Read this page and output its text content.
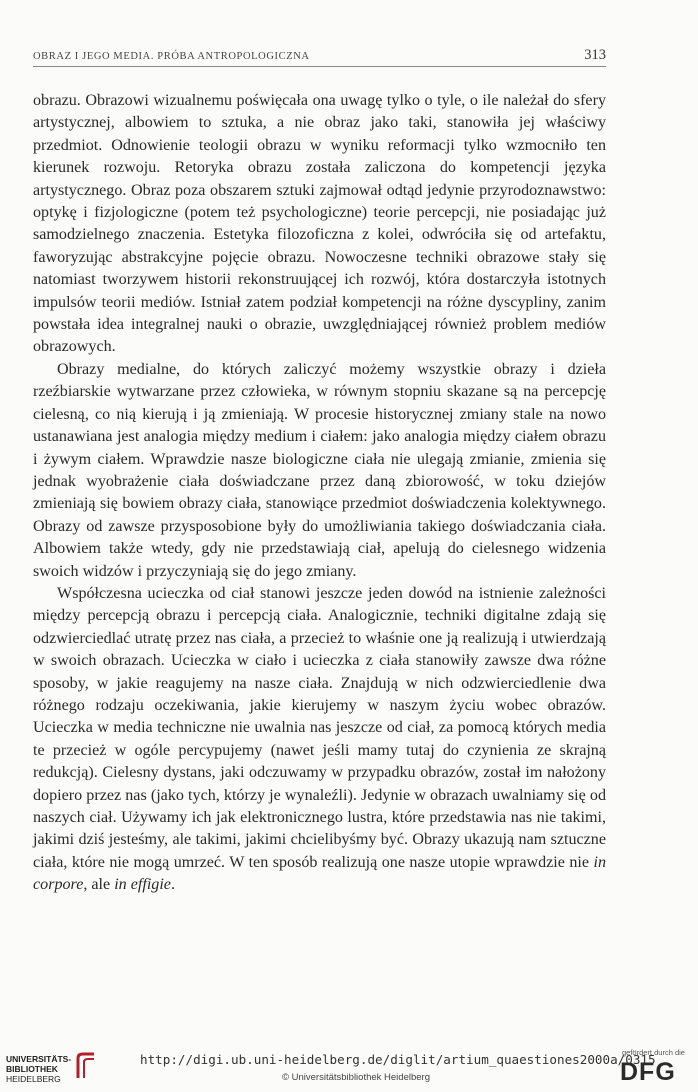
OBRAZ I JEGO MEDIA. PRÓBA ANTROPOLOGICZNA	313

obrazu. Obrazowi wizualnemu poświęcała ona uwagę tylko o tyle, o ile należał do sfery artystycznej, albowiem to sztuka, a nie obraz jako taki, stanowiła jej właściwy przedmiot. Odnowienie teologii obrazu w wyniku reformacji tylko wzmocniło ten kierunek rozwoju. Retoryka obrazu została zaliczona do kompetencji języka artystycznego. Obraz poza obszarem sztuki zajmował odtąd jedynie przyrodoznawstwo: optykę i fizjologiczne (potem też psychologiczne) teorie percepcji, nie posiadając już samodzielnego znaczenia. Estetyka filozoficzna z kolei, odwróciła się od artefaktu, faworyzując abstrakcyjne pojęcie obrazu. Nowoczesne techniki obrazowe stały się natomiast tworzywem historii rekonstruującej ich rozwój, która dostarczyła istotnych impulsów teorii mediów. Istniał zatem podział kompetencji na różne dyscypliny, zanim powstała idea integralnej nauki o obrazie, uwzględniającej również problem mediów obrazowych.

Obrazy medialne, do których zaliczyć możemy wszystkie obrazy i dzieła rzeźbiarskie wytwarzane przez człowieka, w równym stopniu skazane są na percepcję cielesną, co nią kierują i ją zmieniają. W procesie historycznej zmiany stale na nowo ustanawiana jest analogia między medium i ciałem: jako analogia między ciałem obrazu i żywym ciałem. Wprawdzie nasze biologiczne ciała nie ulegają zmianie, zmienia się jednak wyobrażenie ciała doświadczane przez daną zbiorowość, w toku dziejów zmieniają się bowiem obrazy ciała, stanowiące przedmiot doświadczenia kolektywnego. Obrazy od zawsze przysposobione były do umożliwiania takiego doświadczania ciała. Albowiem także wtedy, gdy nie przedstawiają ciał, apelują do cielesnego widzenia swoich widzów i przyczyniają się do jego zmiany.

Współczesna ucieczka od ciał stanowi jeszcze jeden dowód na istnienie zależności między percepcją obrazu i percepcją ciała. Analogicznie, techniki digitalne zdają się odzwierciedlać utratę przez nas ciała, a przecież to właśnie one ją realizują i utwierdzają w swoich obrazach. Ucieczka w ciało i ucieczka z ciała stanowiły zawsze dwa różne sposoby, w jakie reagujemy na nasze ciała. Znajdują w nich odzwierciedlenie dwa różnego rodzaju oczekiwania, jakie kierujemy w naszym życiu wobec obrazów. Ucieczka w media techniczne nie uwalnia nas jeszcze od ciał, za pomocą których media te przecież w ogóle percypujemy (nawet jeśli mamy tutaj do czynienia ze skrajną redukcją). Cielesny dystans, jaki odczuwamy w przypadku obrazów, został im nałożony dopiero przez nas (jako tych, którzy je wynaleźli). Jedynie w obrazach uwalniamy się od naszych ciał. Używamy ich jak elektronicznego lustra, które przedstawia nas nie takimi, jakimi dziś jesteśmy, ale takimi, jakimi chcielibyśmy być. Obrazy ukazują nam sztuczne ciała, które nie mogą umrzeć. W ten sposób realizują one nasze utopie wprawdzie nie in corpore, ale in effigie.

UNIVERSITÄTS-
BIBLIOTHEK
HEIDELBERG
http://digi.ub.uni-heidelberg.de/diglit/artium_quaestiones2000a/0315
© Universitätsbibliothek Heidelberg
gefördert durch die
DFG
